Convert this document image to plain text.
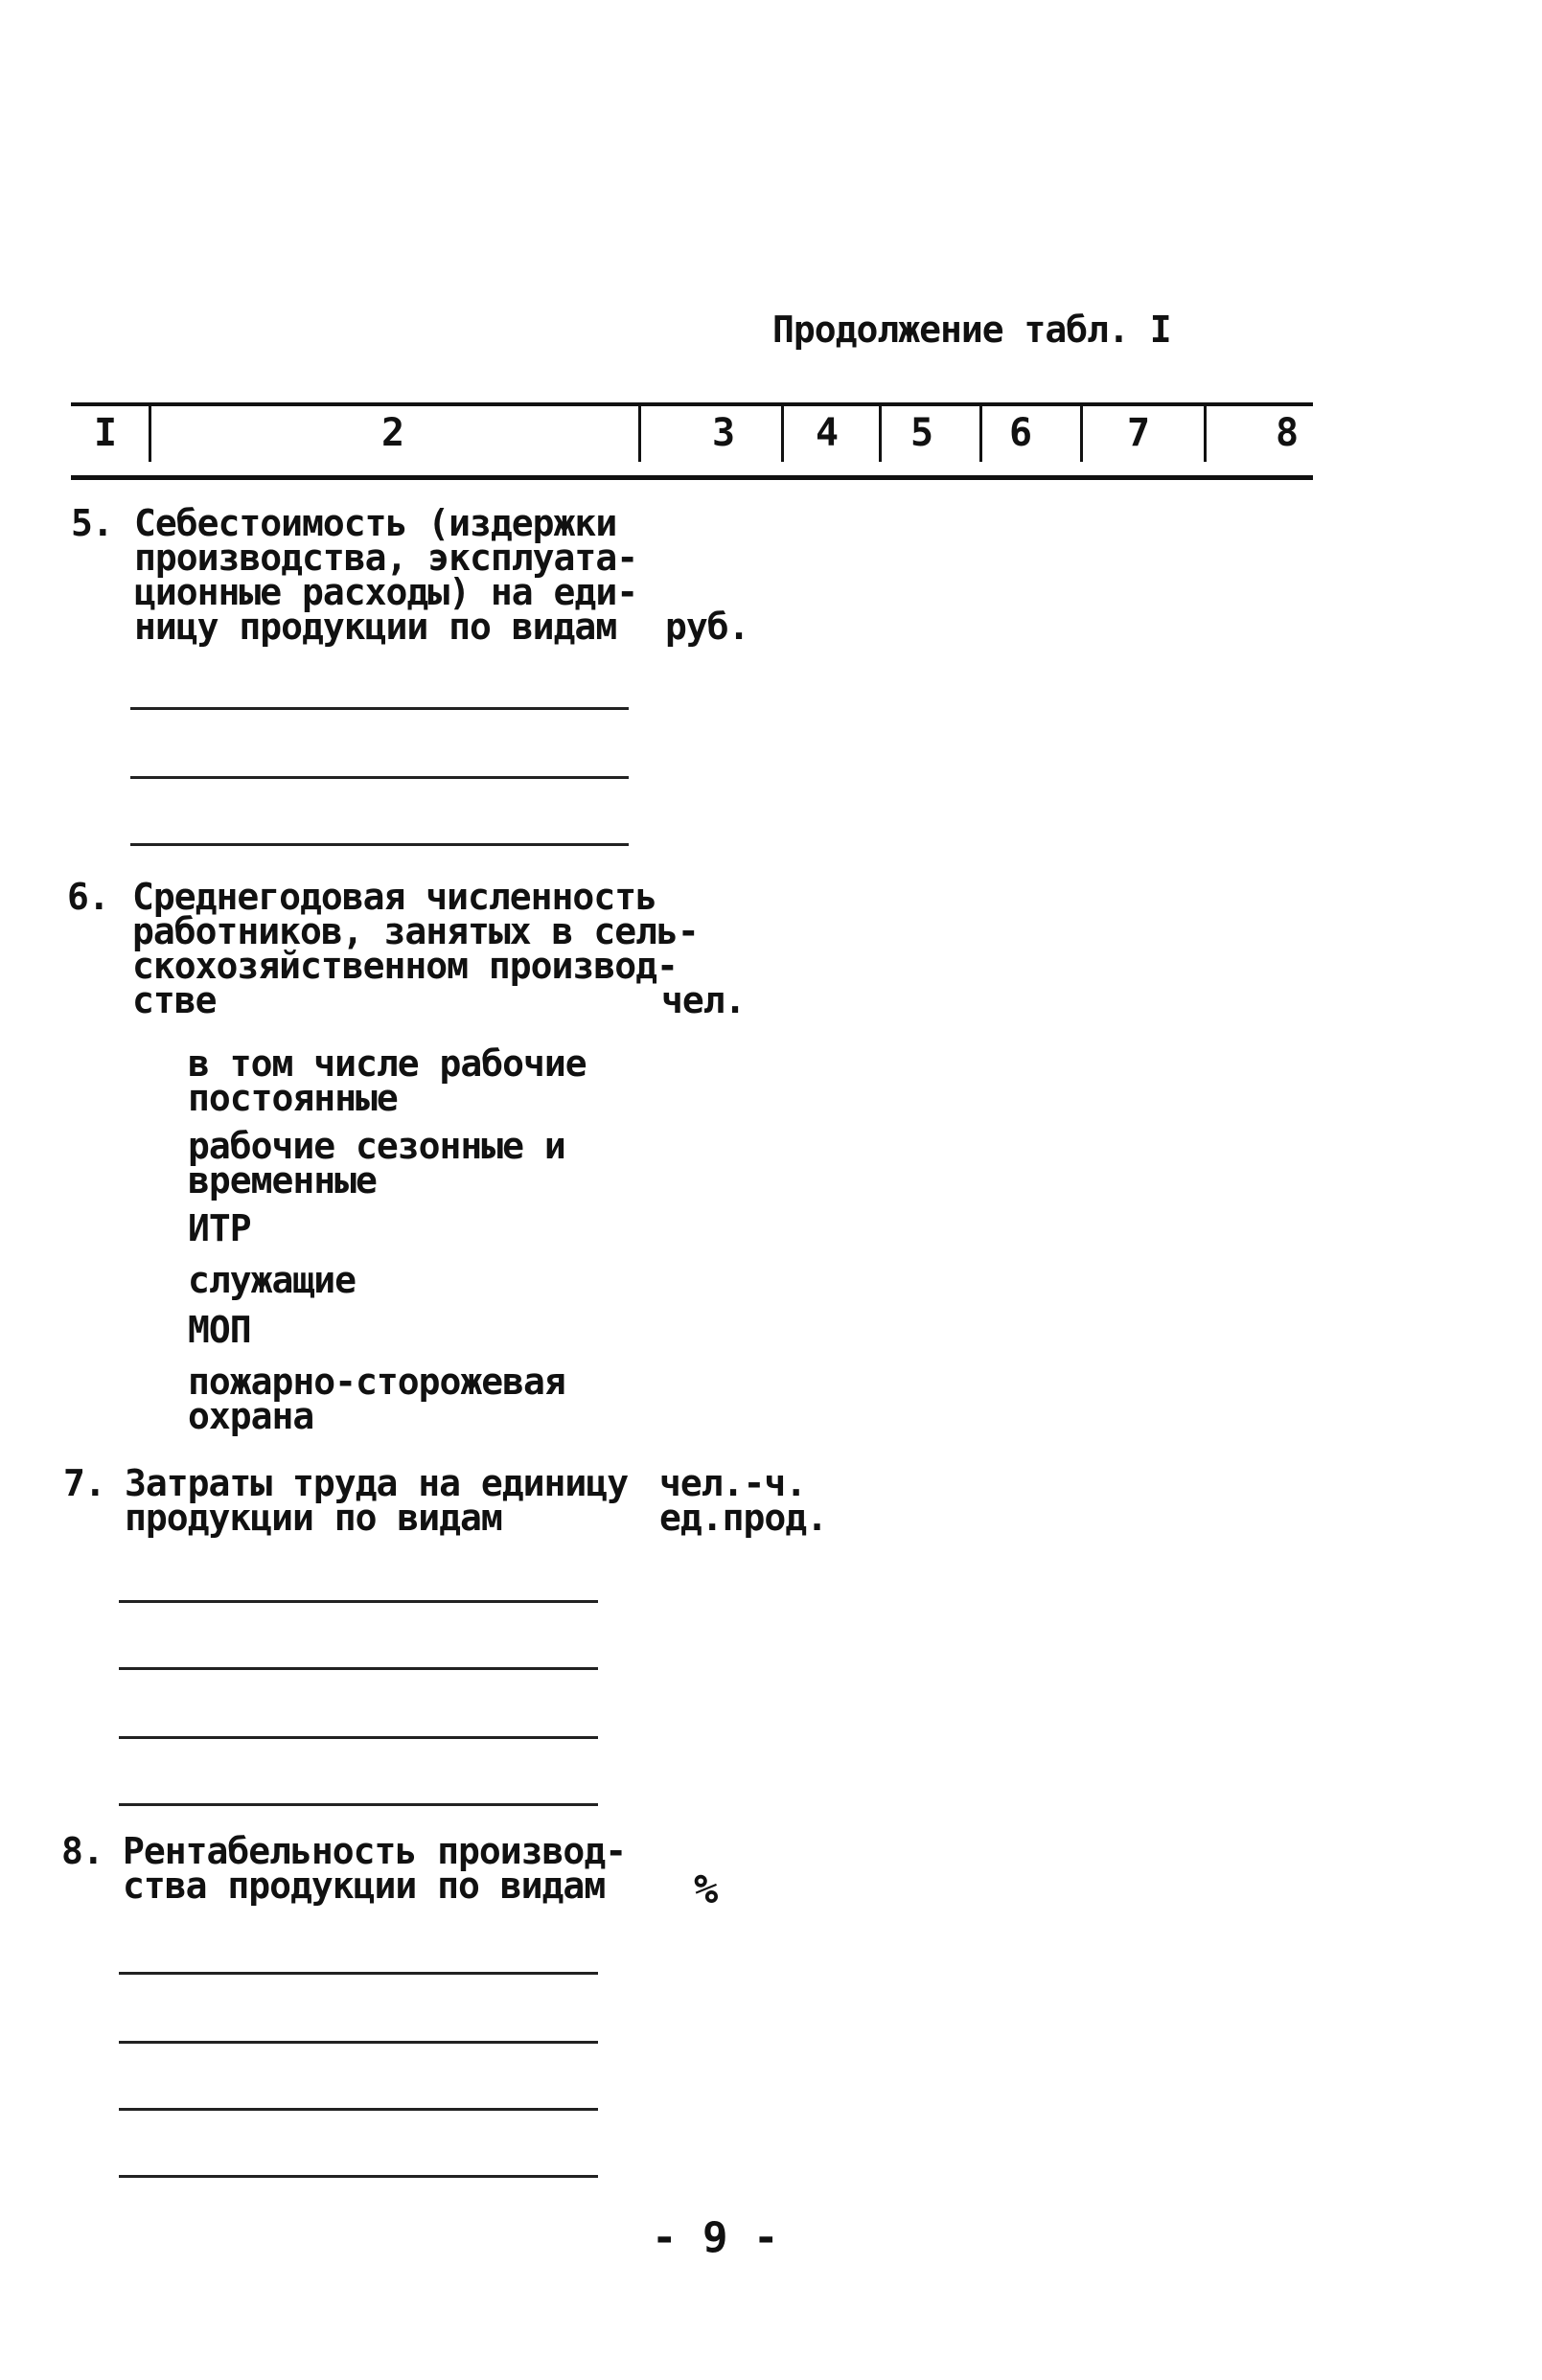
Продолжение табл. I
I	2	3	4	5	6	7	8
5. Себестоимость (издержки
производства, эксплуата-
ционные расходы) на еди-
ницу продукции по видам руб.
6. Среднегодовая численность
работников, занятых в сель-
скохозяйственном производ-
стве	чел.
в том числе рабочие
постоянные
рабочие сезонные и
временные
ИТР
служащие
МОП
пожарно-сторожевая
охрана
7. Затраты труда на единицу
продукции по видам
чел.-ч.
ед.прод.
8. Рентабельность производ-
ства продукции по видам %
- 9 -
